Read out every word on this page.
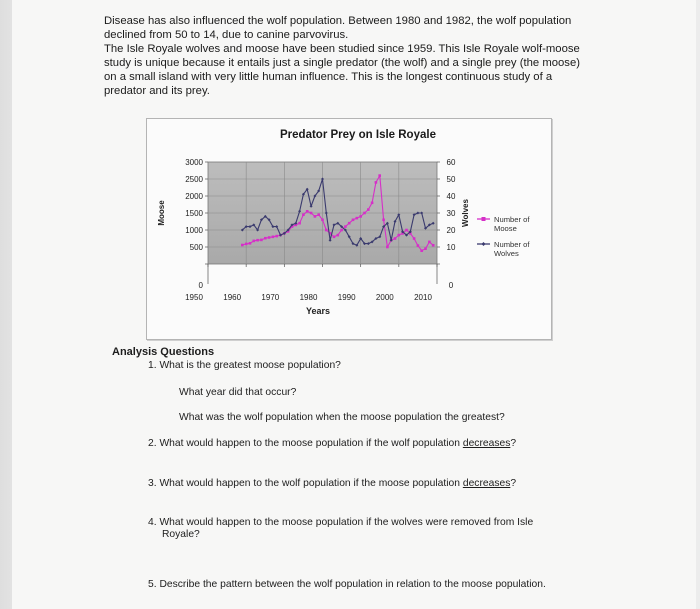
Disease has also influenced the wolf population. Between 1980 and 1982, the wolf population

declined from 50 to 14, due to canine parvovirus.

The Isle Royale wolves and moose have been studied since 1959. This Isle Royale wolf-moose

study is unique because it entails just a single predator (the wolf) and a single prey (the moose)

on a small island with very little human influence. This is the longest continuous study of a

predator and its prey.

Predator Prey on Isle Royale
1950	1960	1970	1980	1990	2000	2010
0
500
1000
1500
2000
2500
3000
0
10
20
30
40
50
60
Moose	Wolves
Years
Number of Moose
Number of Wolves
Analysis Questions
1. What is the greatest moose population?
What year did that occur?
What was the wolf population when the moose population the greatest?
2. What would happen to the moose population if the wolf population decreases?
3. What would happen to the wolf population if the moose population decreases?
4. What would happen to the moose population if the wolves were removed from Isle
Royale?
5. Describe the pattern between the wolf population in relation to the moose population.
